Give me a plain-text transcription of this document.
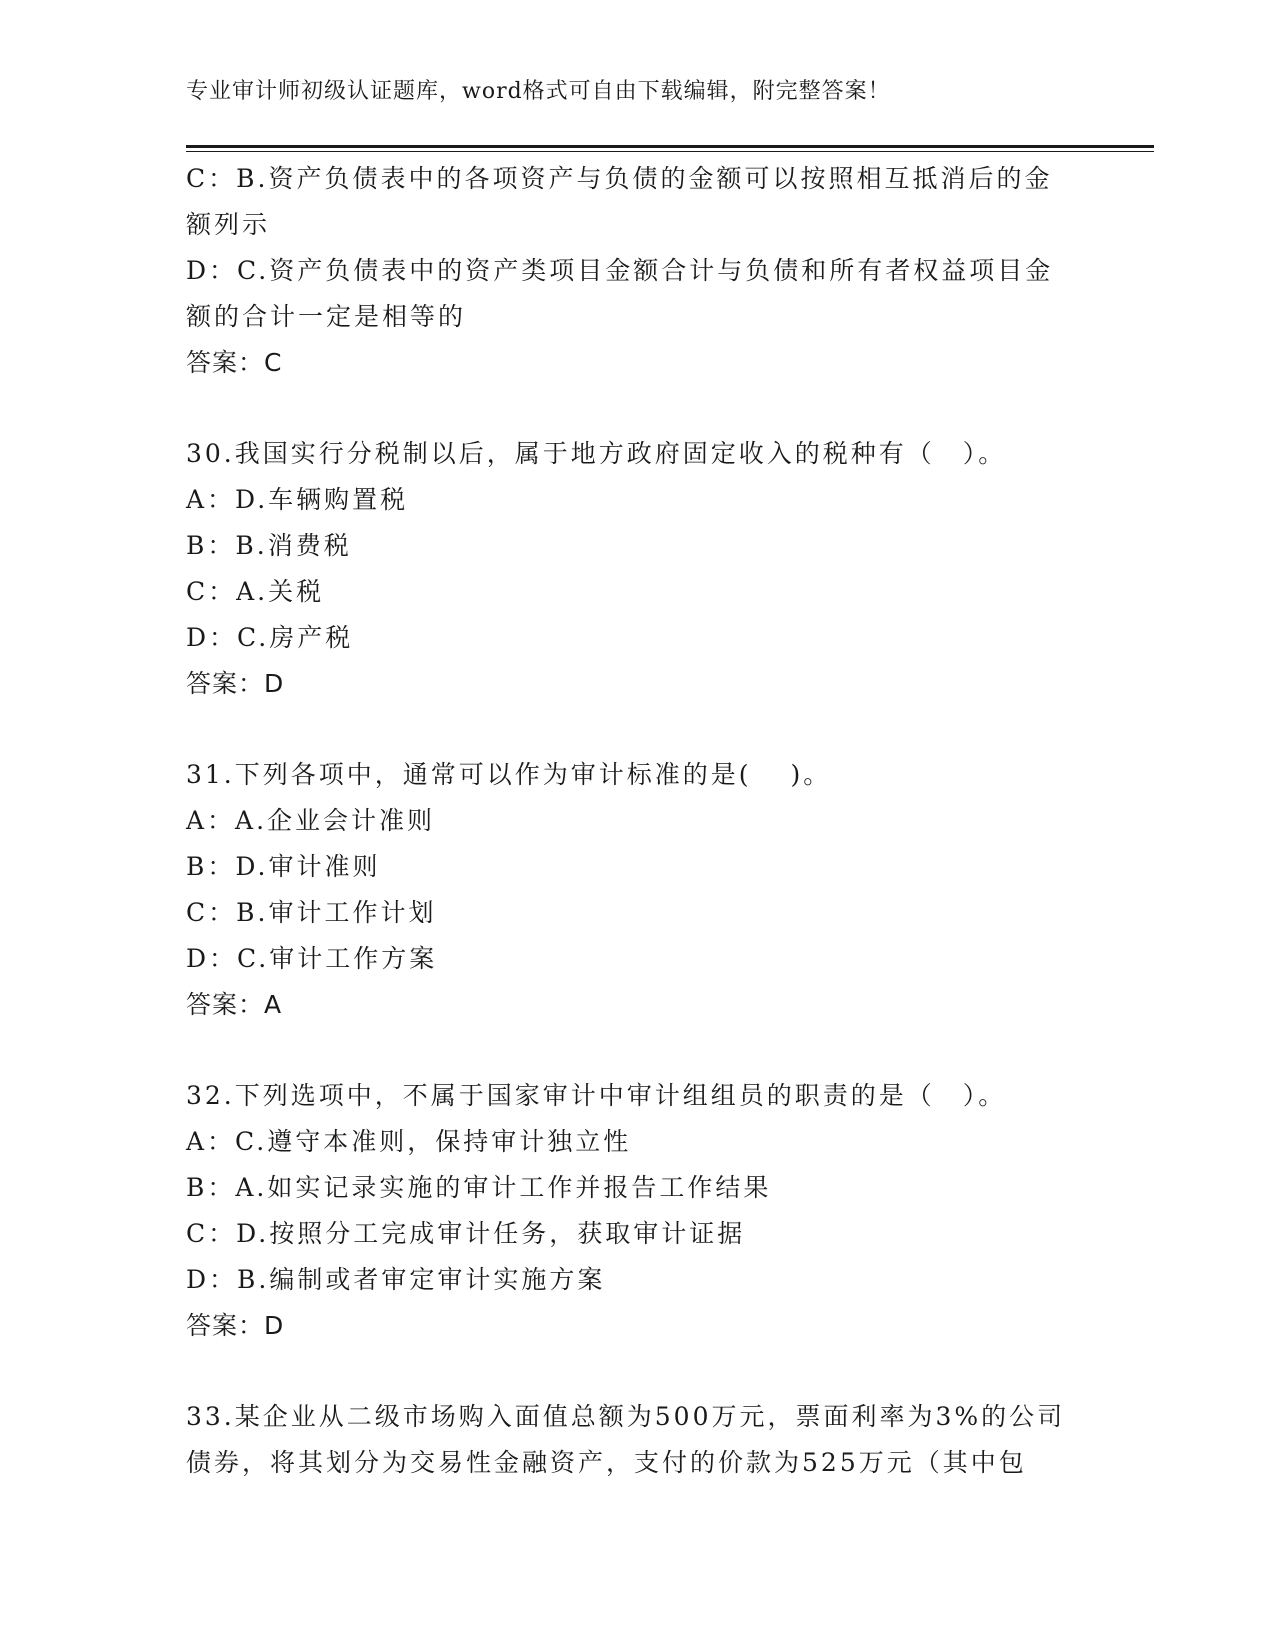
专业审计师初级认证题库，word格式可自由下载编辑，附完整答案！
C：B.资产负债表中的各项资产与负债的金额可以按照相互抵消后的金
额列示
D：C.资产负债表中的资产类项目金额合计与负债和所有者权益项目金
额的合计一定是相等的
答案：C
30.我国实行分税制以后，属于地方政府固定收入的税种有（　）。
A：D.车辆购置税
B：B.消费税
C：A.关税
D：C.房产税
答案：D
31.下列各项中，通常可以作为审计标准的是(　 )。
A：A.企业会计准则
B：D.审计准则
C：B.审计工作计划
D：C.审计工作方案
答案：A
32.下列选项中，不属于国家审计中审计组组员的职责的是（　）。
A：C.遵守本准则，保持审计独立性
B：A.如实记录实施的审计工作并报告工作结果
C：D.按照分工完成审计任务，获取审计证据
D：B.编制或者审定审计实施方案
答案：D
33.某企业从二级市场购入面值总额为500万元，票面利率为3%的公司
债券，将其划分为交易性金融资产，支付的价款为525万元（其中包
